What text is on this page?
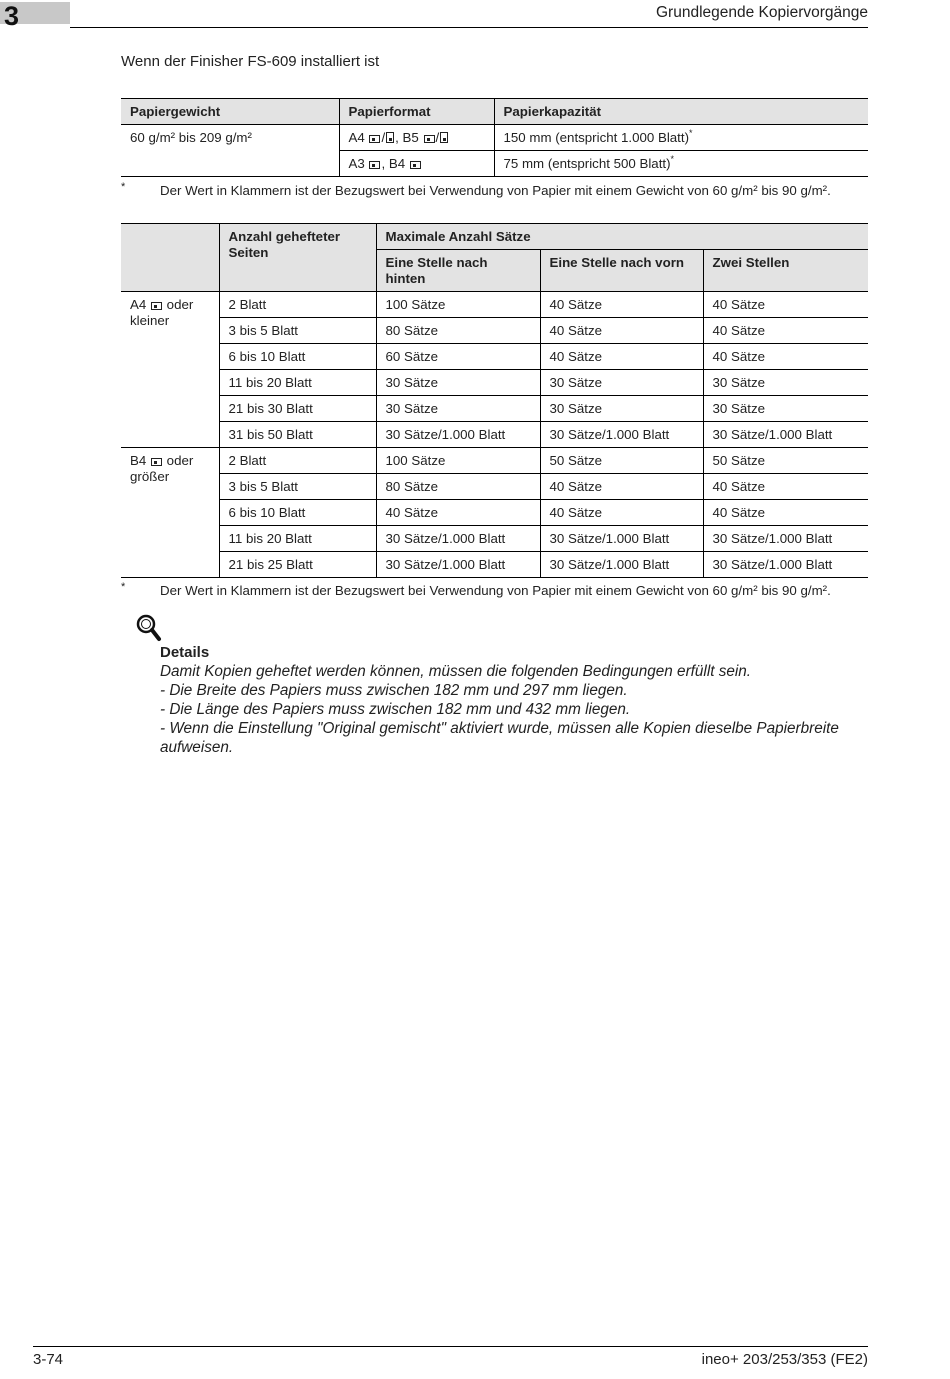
3	Grundlegende Kopiervorgänge
Wenn der Finisher FS-609 installiert ist
Papiergewicht	Papierformat	Papierkapazität
60 g/m² bis 209 g/m²	A4 / , B5 /	150 mm (entspricht 1.000 Blatt)*
	A3 , B4	75 mm (entspricht 500 Blatt)*
*	Der Wert in Klammern ist der Bezugswert bei Verwendung von Papier mit einem Gewicht von 60 g/m² bis 90 g/m².
	Anzahl gehefteter Seiten	Maximale Anzahl Sätze		
		Eine Stelle nach hinten	Eine Stelle nach vorn	Zwei Stellen
A4 oder kleiner	2 Blatt	100 Sätze	40 Sätze	40 Sätze
	3 bis 5 Blatt	80 Sätze	40 Sätze	40 Sätze
	6 bis 10 Blatt	60 Sätze	40 Sätze	40 Sätze
	11 bis 20 Blatt	30 Sätze	30 Sätze	30 Sätze
	21 bis 30 Blatt	30 Sätze	30 Sätze	30 Sätze
	31 bis 50 Blatt	30 Sätze/1.000 Blatt	30 Sätze/1.000 Blatt	30 Sätze/1.000 Blatt
B4 oder größer	2 Blatt	100 Sätze	50 Sätze	50 Sätze
	3 bis 5 Blatt	80 Sätze	40 Sätze	40 Sätze
	6 bis 10 Blatt	40 Sätze	40 Sätze	40 Sätze
	11 bis 20 Blatt	30 Sätze/1.000 Blatt	30 Sätze/1.000 Blatt	30 Sätze/1.000 Blatt
	21 bis 25 Blatt	30 Sätze/1.000 Blatt	30 Sätze/1.000 Blatt	30 Sätze/1.000 Blatt
*	Der Wert in Klammern ist der Bezugswert bei Verwendung von Papier mit einem Gewicht von 60 g/m² bis 90 g/m².
Details
Damit Kopien geheftet werden können, müssen die folgenden Bedingungen erfüllt sein.
- Die Breite des Papiers muss zwischen 182 mm und 297 mm liegen.
- Die Länge des Papiers muss zwischen 182 mm und 432 mm liegen.
- Wenn die Einstellung "Original gemischt" aktiviert wurde, müssen alle Kopien dieselbe Papierbreite aufweisen.
3-74	ineo+ 203/253/353 (FE2)
